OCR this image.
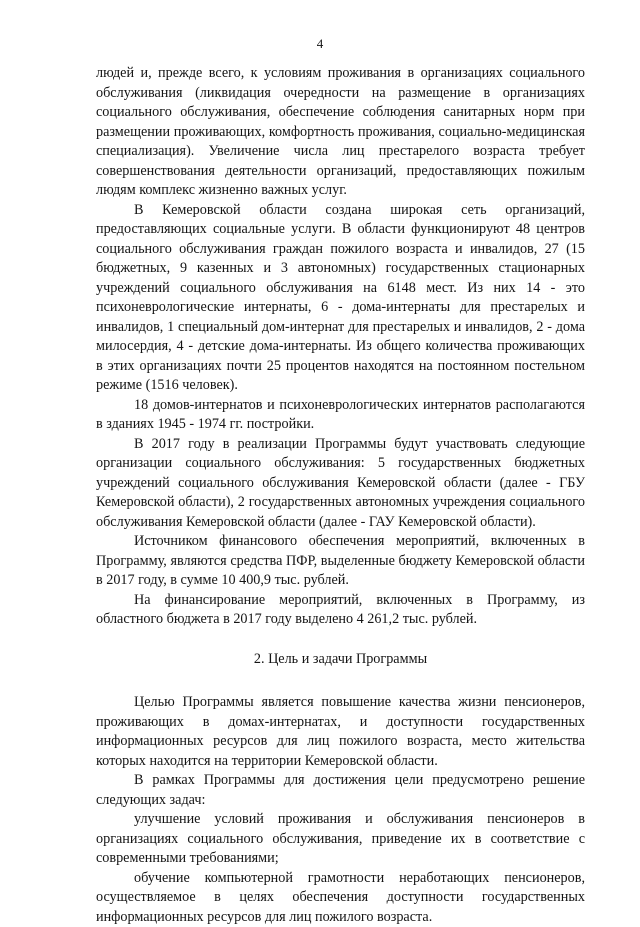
4

людей и, прежде всего, к условиям проживания в организациях социального обслуживания (ликвидация очередности на размещение в организациях социального обслуживания, обеспечение соблюдения санитарных норм при размещении проживающих, комфортность проживания, социально-медицинская специализация). Увеличение числа лиц престарелого возраста требует совершенствования деятельности организаций, предоставляющих пожилым людям комплекс жизненно важных услуг.

В Кемеровской области создана широкая сеть организаций, предоставляющих социальные услуги. В области функционируют 48 центров социального обслуживания граждан пожилого возраста и инвалидов, 27 (15 бюджетных, 9 казенных и 3 автономных) государственных стационарных учреждений социального обслуживания на 6148 мест. Из них 14 - это психоневрологические интернаты, 6 - дома-интернаты для престарелых и инвалидов, 1 специальный дом-интернат для престарелых и инвалидов, 2 - дома милосердия, 4 - детские дома-интернаты. Из общего количества проживающих в этих организациях почти 25 процентов находятся на постоянном постельном режиме (1516 человек).

18 домов-интернатов и психоневрологических интернатов располагаются в зданиях 1945 - 1974 гг. постройки.

В 2017 году в реализации Программы будут участвовать следующие организации социального обслуживания: 5 государственных бюджетных учреждений социального обслуживания Кемеровской области (далее - ГБУ Кемеровской области), 2 государственных автономных учреждения социального обслуживания Кемеровской области (далее - ГАУ Кемеровской области).

Источником финансового обеспечения мероприятий, включенных в Программу, являются средства ПФР, выделенные бюджету Кемеровской области в 2017 году, в сумме 10 400,9 тыс. рублей.

На финансирование мероприятий, включенных в Программу, из областного бюджета в 2017 году выделено 4 261,2 тыс. рублей.

2. Цель и задачи Программы

Целью Программы является повышение качества жизни пенсионеров, проживающих в домах-интернатах, и доступности государственных информационных ресурсов для лиц пожилого возраста, место жительства которых находится на территории Кемеровской области.

В рамках Программы для достижения цели предусмотрено решение следующих задач:

улучшение условий проживания и обслуживания пенсионеров в организациях социального обслуживания, приведение их в соответствие с современными требованиями;

обучение компьютерной грамотности неработающих пенсионеров, осуществляемое в целях обеспечения доступности государственных информационных ресурсов для лиц пожилого возраста.
